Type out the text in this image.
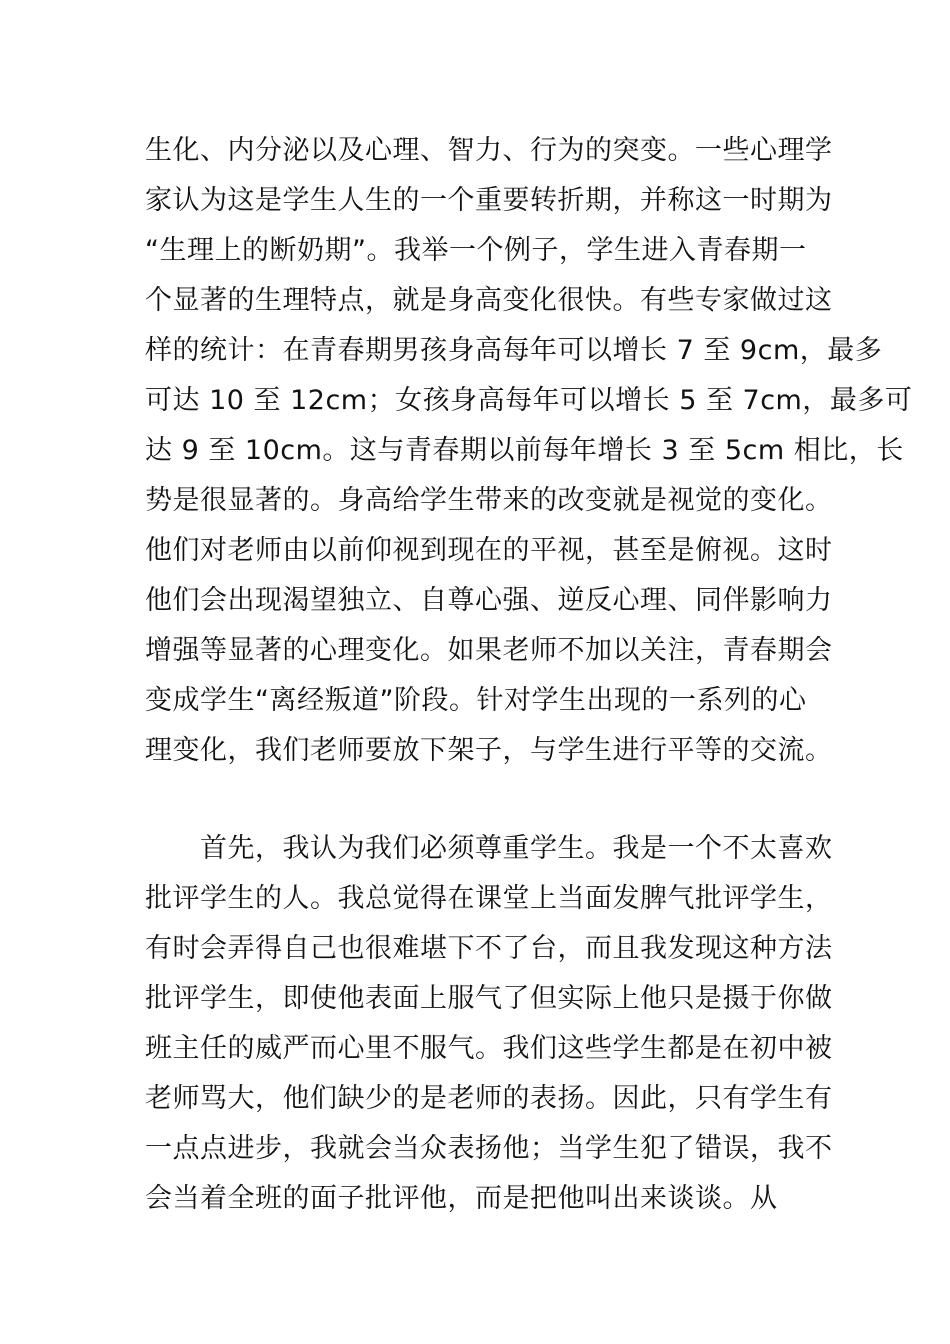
生化、内分泌以及心理、智力、行为的突变。一些心理学
家认为这是学生人生的一个重要转折期，并称这一时期为
“生理上的断奶期”。我举一个例子，学生进入青春期一
个显著的生理特点，就是身高变化很快。有些专家做过这
样的统计：在青春期男孩身高每年可以增长 7 至 9cm，最多
可达 10 至 12cm；女孩身高每年可以增长 5 至 7cm，最多可
达 9 至 10cm。这与青春期以前每年增长 3 至 5cm 相比，长
势是很显著的。身高给学生带来的改变就是视觉的变化。
他们对老师由以前仰视到现在的平视，甚至是俯视。这时
他们会出现渴望独立、自尊心强、逆反心理、同伴影响力
增强等显著的心理变化。如果老师不加以关注，青春期会
变成学生“离经叛道”阶段。针对学生出现的一系列的心
理变化，我们老师要放下架子，与学生进行平等的交流。
　　首先，我认为我们必须尊重学生。我是一个不太喜欢
批评学生的人。我总觉得在课堂上当面发脾气批评学生，
有时会弄得自己也很难堪下不了台，而且我发现这种方法
批评学生，即使他表面上服气了但实际上他只是摄于你做
班主任的威严而心里不服气。我们这些学生都是在初中被
老师骂大，他们缺少的是老师的表扬。因此，只有学生有
一点点进步，我就会当众表扬他；当学生犯了错误，我不
会当着全班的面子批评他，而是把他叫出来谈谈。从
